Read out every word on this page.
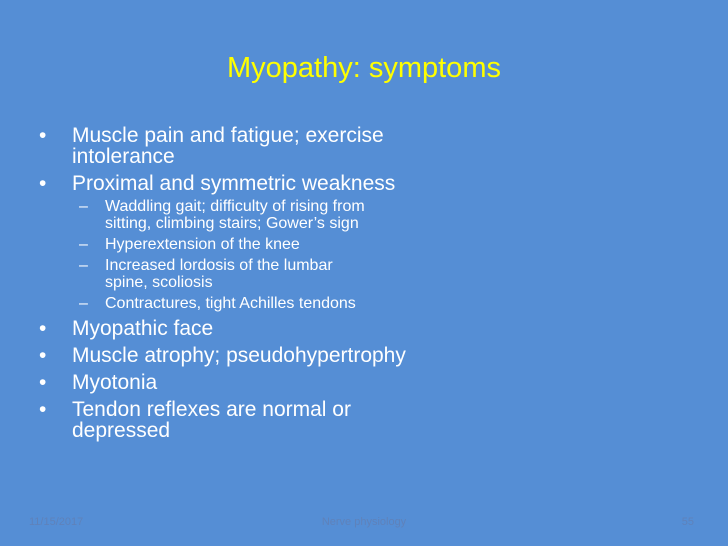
Myopathy: symptoms
• Muscle pain and fatigue; exercise
intolerance
• Proximal and symmetric weakness
– Waddling gait; difficulty of rising from
sitting, climbing stairs; Gower’s sign
– Hyperextension of the knee
– Increased lordosis of the lumbar
spine, scoliosis
– Contractures, tight Achilles tendons
• Myopathic face
• Muscle atrophy; pseudohypertrophy
• Myotonia
• Tendon reflexes are normal or
depressed
11/15/2017	Nerve physiology	55
